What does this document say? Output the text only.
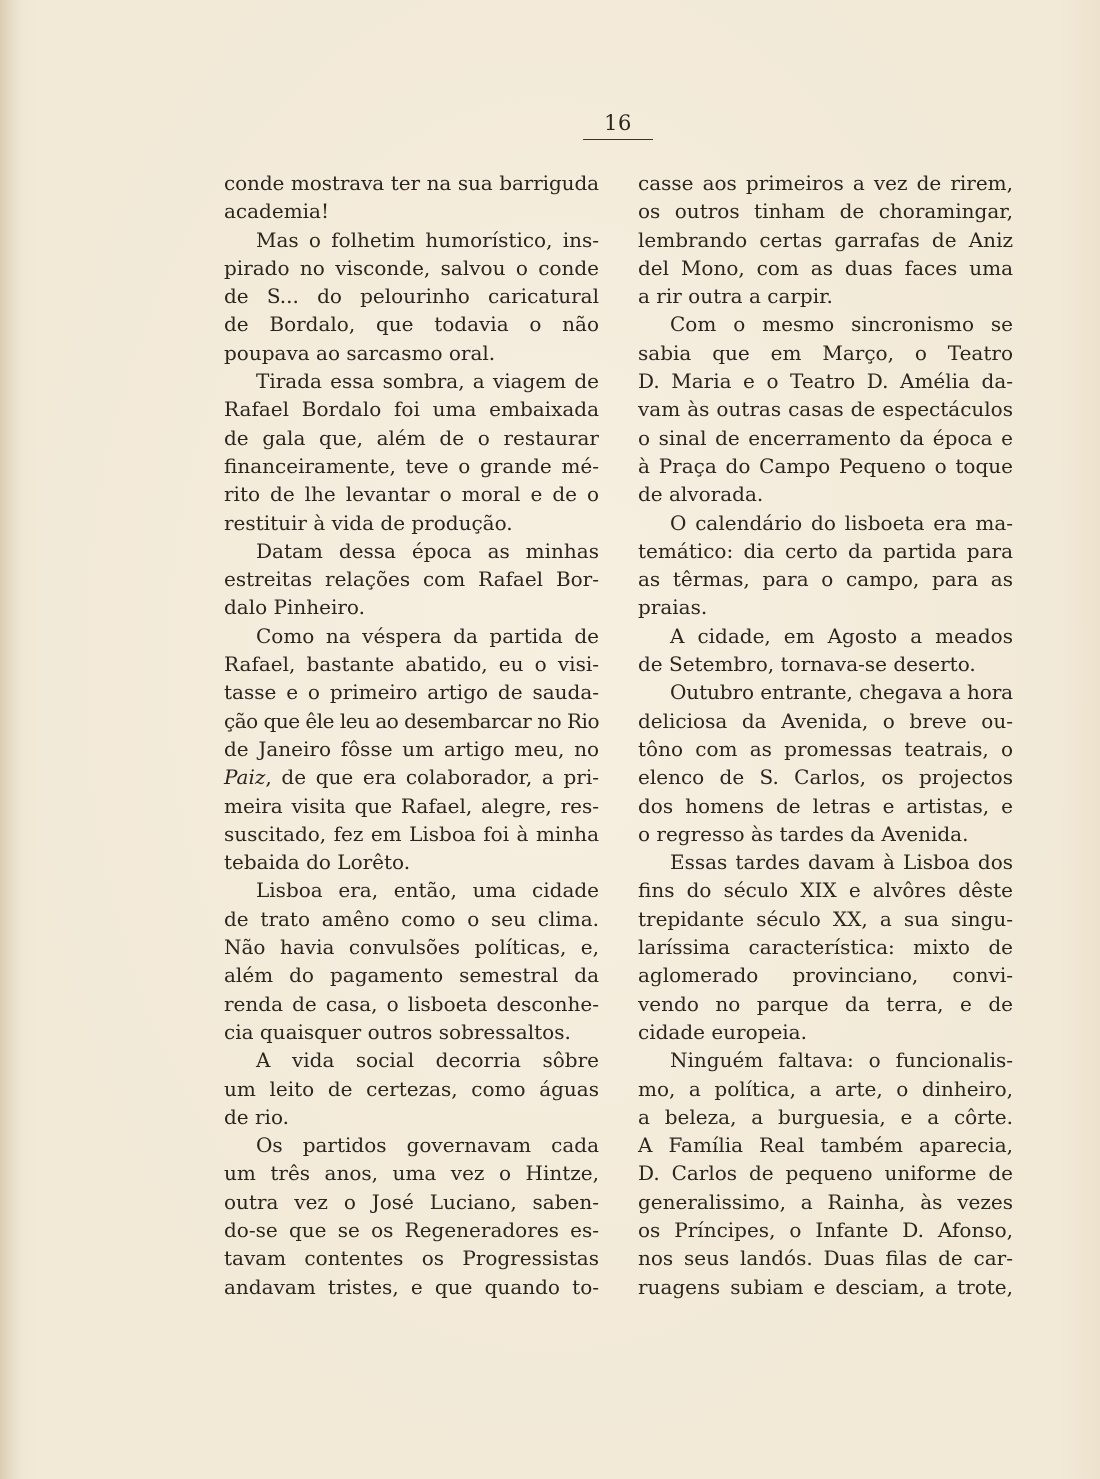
16
conde mostrava ter na sua barriguda
academia!
Mas o folhetim humorístico, ins-
pirado no visconde, salvou o conde
de S... do pelourinho caricatural
de Bordalo, que todavia o não
poupava ao sarcasmo oral.
Tirada essa sombra, a viagem de
Rafael Bordalo foi uma embaixada
de gala que, além de o restaurar
financeiramente, teve o grande mé-
rito de lhe levantar o moral e de o
restituir à vida de produção.
Datam dessa época as minhas
estreitas relações com Rafael Bor-
dalo Pinheiro.
Como na véspera da partida de
Rafael, bastante abatido, eu o visi-
tasse e o primeiro artigo de sauda-
ção que êle leu ao desembarcar no Rio
de Janeiro fôsse um artigo meu, no
Paiz, de que era colaborador, a pri-
meira visita que Rafael, alegre, res-
suscitado, fez em Lisboa foi à minha
tebaida do Lorêto.
Lisboa era, então, uma cidade
de trato amêno como o seu clima.
Não havia convulsões políticas, e,
além do pagamento semestral da
renda de casa, o lisboeta desconhe-
cia quaisquer outros sobressaltos.
A vida social decorria sôbre
um leito de certezas, como águas
de rio.
Os partidos governavam cada
um três anos, uma vez o Hintze,
outra vez o José Luciano, saben-
do-se que se os Regeneradores es-
tavam contentes os Progressistas
andavam tristes, e que quando to-
casse aos primeiros a vez de rirem,
os outros tinham de choramingar,
lembrando certas garrafas de Aniz
del Mono, com as duas faces uma
a rir outra a carpir.
Com o mesmo sincronismo se
sabia que em Março, o Teatro
D. Maria e o Teatro D. Amélia da-
vam às outras casas de espectáculos
o sinal de encerramento da época e
à Praça do Campo Pequeno o toque
de alvorada.
O calendário do lisboeta era ma-
temático: dia certo da partida para
as têrmas, para o campo, para as
praias.
A cidade, em Agosto a meados
de Setembro, tornava-se deserto.
Outubro entrante, chegava a hora
deliciosa da Avenida, o breve ou-
tôno com as promessas teatrais, o
elenco de S. Carlos, os projectos
dos homens de letras e artistas, e
o regresso às tardes da Avenida.
Essas tardes davam à Lisboa dos
fins do século XIX e alvôres dêste
trepidante século XX, a sua singu-
laríssima característica: mixto de
aglomerado provinciano, convi-
vendo no parque da terra, e de
cidade europeia.
Ninguém faltava: o funcionalis-
mo, a política, a arte, o dinheiro,
a beleza, a burguesia, e a côrte.
A Família Real também aparecia,
D. Carlos de pequeno uniforme de
generalissimo, a Rainha, às vezes
os Príncipes, o Infante D. Afonso,
nos seus landós. Duas filas de car-
ruagens subiam e desciam, a trote,
